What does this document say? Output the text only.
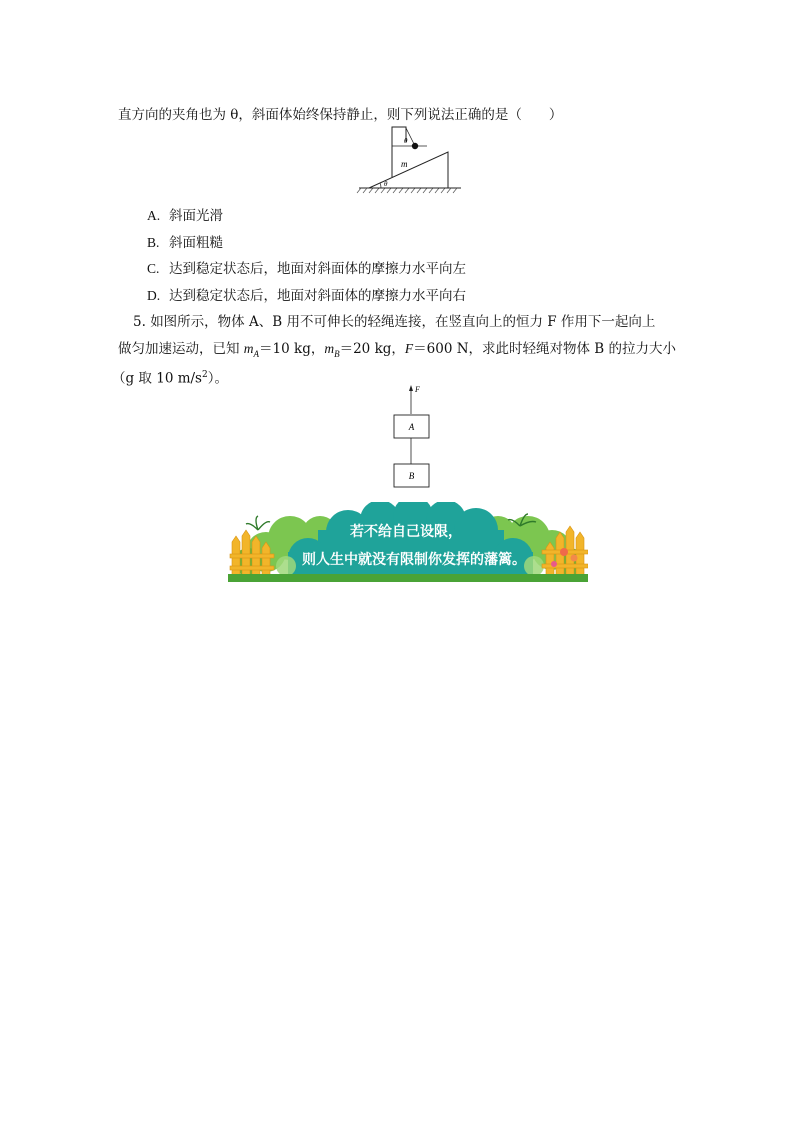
直方向的夹角也为 θ，斜面体始终保持静止，则下列说法正确的是（　　）
θ
m
θ
A. 斜面光滑
B. 斜面粗糙
C. 达到稳定状态后，地面对斜面体的摩擦力水平向左
D. 达到稳定状态后，地面对斜面体的摩擦力水平向右
5. 如图所示，物体 A、B 用不可伸长的轻绳连接，在竖直向上的恒力 F 作用下一起向上
做匀加速运动，已知 $m_A=10$ kg，$m_B=20$ kg，F＝600 N，求此时轻绳对物体 B 的拉力大小
（g 取 10 $m/s^2$）。
F
A
B
若不给自己设限，
则人生中就没有限制你发挥的藩篱。
